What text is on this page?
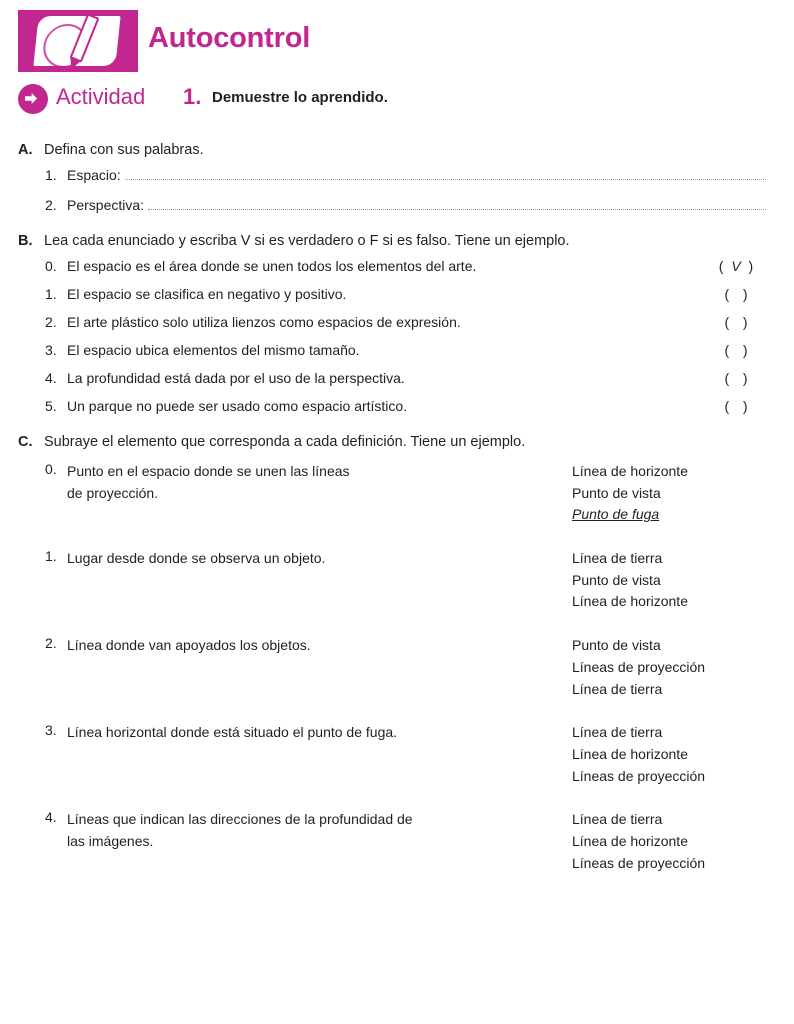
Autocontrol
Actividad 1. Demuestre lo aprendido.
A. Defina con sus palabras.
1. Espacio:
2. Perspectiva:
B. Lea cada enunciado y escriba V si es verdadero o F si es falso. Tiene un ejemplo.
0. El espacio es el área donde se unen todos los elementos del arte.	( V )
1. El espacio se clasifica en negativo y positivo.	(  )
2. El arte plástico solo utiliza lienzos como espacios de expresión.	(  )
3. El espacio ubica elementos del mismo tamaño.	(  )
4. La profundidad está dada por el uso de la perspectiva.	(  )
5. Un parque no puede ser usado como espacio artístico.	(  )
C. Subraye el elemento que corresponda a cada definición. Tiene un ejemplo.
0. Punto en el espacio donde se unen las líneas
de proyección.
Línea de horizonte
Punto de vista
Punto de fuga
1. Lugar desde donde se observa un objeto.	Línea de tierra
Punto de vista
Línea de horizonte
2. Línea donde van apoyados los objetos.	Punto de vista
Líneas de proyección
Línea de tierra
3. Línea horizontal donde está situado el punto de fuga.	Línea de tierra
Línea de horizonte
Líneas de proyección
4. Líneas que indican las direcciones de la profundidad de
las imágenes.
Línea de tierra
Línea de horizonte
Líneas de proyección
